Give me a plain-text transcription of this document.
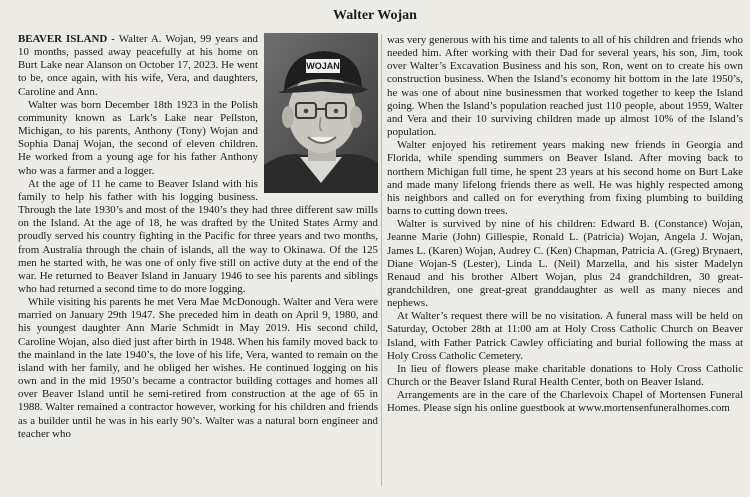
Walter Wojan
WOJAN

BEAVER ISLAND - Walter A. Wojan, 99 years and 10 months, passed away peacefully at his home on Burt Lake near Alanson on October 17, 2023. He went to be, once again, with his wife, Vera, and daughters, Caroline and Ann.

Walter was born December 18th 1923 in the Polish community known as Lark’s Lake near Pellston, Michigan, to his parents, Anthony (Tony) Wojan and Sophia Danaj Wojan, the second of eleven children. He worked from a young age for his father Anthony who was a farmer and a logger.

At the age of 11 he came to Beaver Island with his family to help his father with his logging business. Through the late 1930’s and most of the 1940’s they had three different saw mills on the Island. At the age of 18, he was drafted by the United States Army and proudly served his country fighting in the Pacific for three years and two months, from Australia through the chain of islands, all the way to Okinawa. Of the 125 men he started with, he was one of only five still on active duty at the end of the war. He returned to Beaver Island in January 1946 to see his parents and siblings who had returned a second time to do more logging.

While visiting his parents he met Vera Mae McDonough. Walter and Vera were married on January 29th 1947. She preceded him in death on April 9, 1980, and his youngest daughter Ann Marie Schmidt in May 2019. His second child, Caroline Wojan, also died just after birth in 1948. When his family moved back to the mainland in the late 1940’s, the love of his life, Vera, wanted to remain on the island with her family, and he obliged her wishes. He continued logging on his own and in the mid 1950’s became a contractor building cottages and homes all over Beaver Island until he semi-retired from construction at the age of 65 in 1988. Walter remained a contractor however, working for his children and friends as a builder until he was in his early 90’s. Walter was a natural born engineer and teacher who

was very generous with his time and talents to all of his children and friends who needed him. After working with their Dad for several years, his son, Jim, took over Walter’s Excavation Business and his son, Ron, went on to create his own construction business. When the Island’s economy hit bottom in the late 1950’s, he was one of about nine businessmen that worked together to keep the Island going. When the Island’s population reached just 110 people, about 1959, Walter and Vera and their 10 surviving children made up almost 10% of the Island’s population.

Walter enjoyed his retirement years making new friends in Georgia and Florida, while spending summers on Beaver Island. After moving back to northern Michigan full time, he spent 23 years at his second home on Burt Lake and made many lifelong friends there as well. He was highly respected among his neighbors and called on for everything from fixing plumbing to building barns to cutting down trees.

Walter is survived by nine of his children: Edward B. (Constance) Wojan, Jeanne Marie (John) Gillespie, Ronald L. (Patricia) Wojan, Angela J. Wojan, James L. (Karen) Wojan, Audrey C. (Ken) Chapman, Patricia A. (Greg) Brynaert, Diane Wojan-S (Lester), Linda L. (Neil) Marzella, and his sister Madelyn Renaud and his brother Albert Wojan, plus 24 grandchildren, 30 great-grandchildren, one great-great granddaughter as well as many nieces and nephews.

At Walter’s request there will be no visitation. A funeral mass will be held on Saturday, October 28th at 11:00 am at Holy Cross Catholic Church on Beaver Island, with Father Patrick Cawley officiating and burial following the mass at Holy Cross Catholic Cemetery.

In lieu of flowers please make charitable donations to Holy Cross Catholic Church or the Beaver Island Rural Health Center, both on Beaver Island.

Arrangements are in the care of the Charlevoix Chapel of Mortensen Funeral Homes. Please sign his online guestbook at www.mortensenfuneralhomes.com
